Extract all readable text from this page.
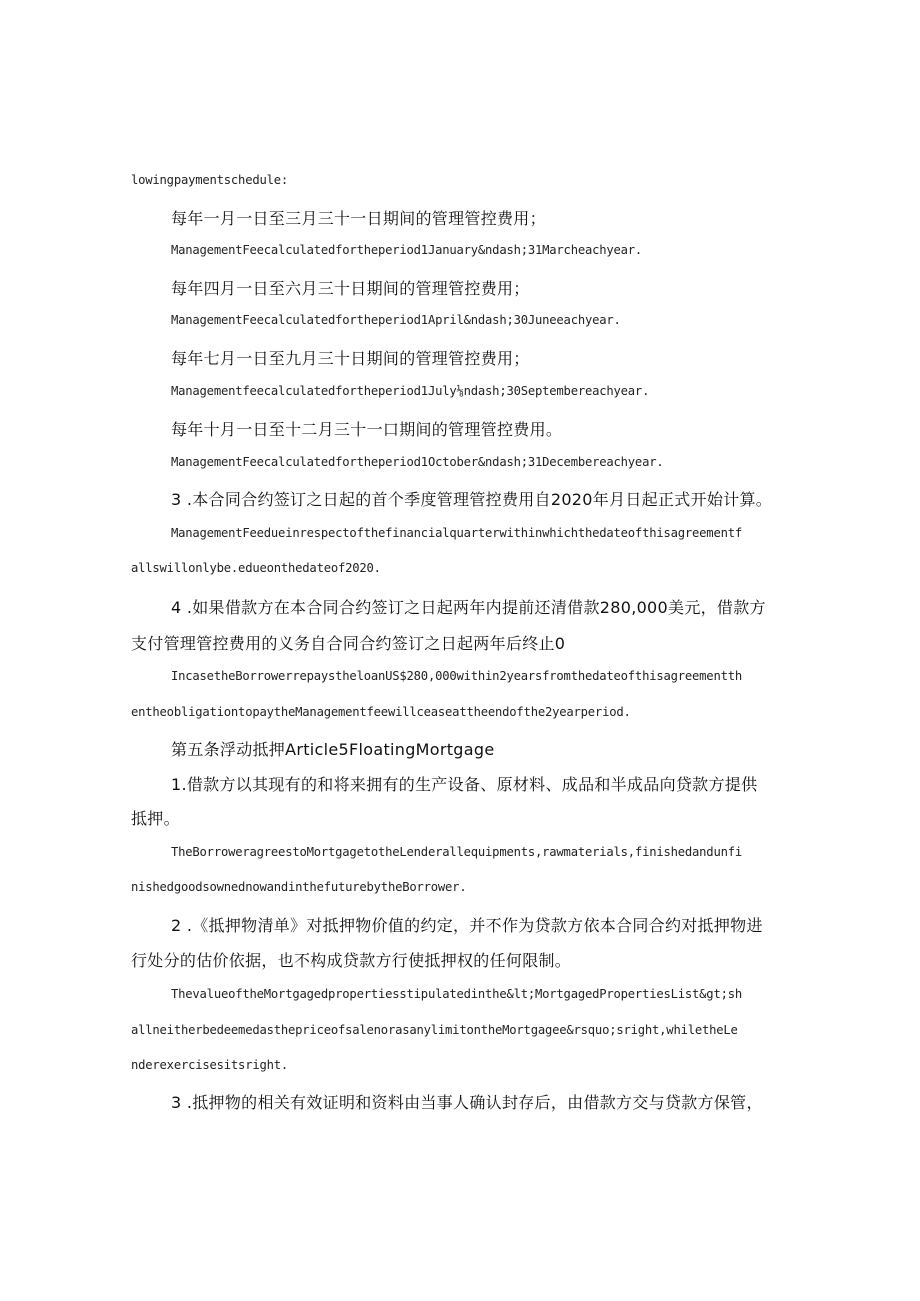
lowingpaymentschedule:
每年一月一日至三月三十一日期间的管理管控费用；
ManagementFeecalculatedfortheperiod1January&ndash;31Marcheachyear.
每年四月一日至六月三十日期间的管理管控费用；
ManagementFeecalculatedfortheperiod1April&ndash;30Juneeachyear.
每年七月一日至九月三十日期间的管理管控费用；
Managementfeecalculatedfortheperiod1July⅛ndash;30Septembereachyear.
每年十月一日至十二月三十一口期间的管理管控费用。
ManagementFeecalculatedfortheperiod1October&ndash;31Decembereachyear.
3 .本合同合约签订之日起的首个季度管理管控费用自2020年月日起正式开始计算。
ManagementFeedueinrespectofthefinancialquarterwithinwhichthedateofthisagreementf
allswillonlybe.edueonthedateof2020.
4 .如果借款方在本合同合约签订之日起两年内提前还清借款280,000美元，借款方
支付管理管控费用的义务自合同合约签订之日起两年后终止0
IncasetheBorrowerrepaystheloanUS$280,000within2yearsfromthedateofthisagreementth
entheobligationtopaytheManagementfeewillceaseattheendofthe2yearperiod.
第五条浮动抵押Article5FloatingMortgage
1.借款方以其现有的和将来拥有的生产设备、原材料、成品和半成品向贷款方提供
抵押。
TheBorroweragreestoMortgagetotheLenderallequipments,rawmaterials,finishedandunfi
nishedgoodsownednowandinthefuturebytheBorrower.
2 .《抵押物清单》对抵押物价值的约定，并不作为贷款方依本合同合约对抵押物进
行处分的估价依据，也不构成贷款方行使抵押权的任何限制。
ThevalueoftheMortgagedpropertiesstipulatedinthe&lt;MortgagedPropertiesList&gt;sh
allneitherbedeemedasthepriceofsalenorasanylimitontheMortgagee&rsquo;sright,whiletheLe
nderexercisesitsright.
3 .抵押物的相关有效证明和资料由当事人确认封存后，由借款方交与贷款方保管，
